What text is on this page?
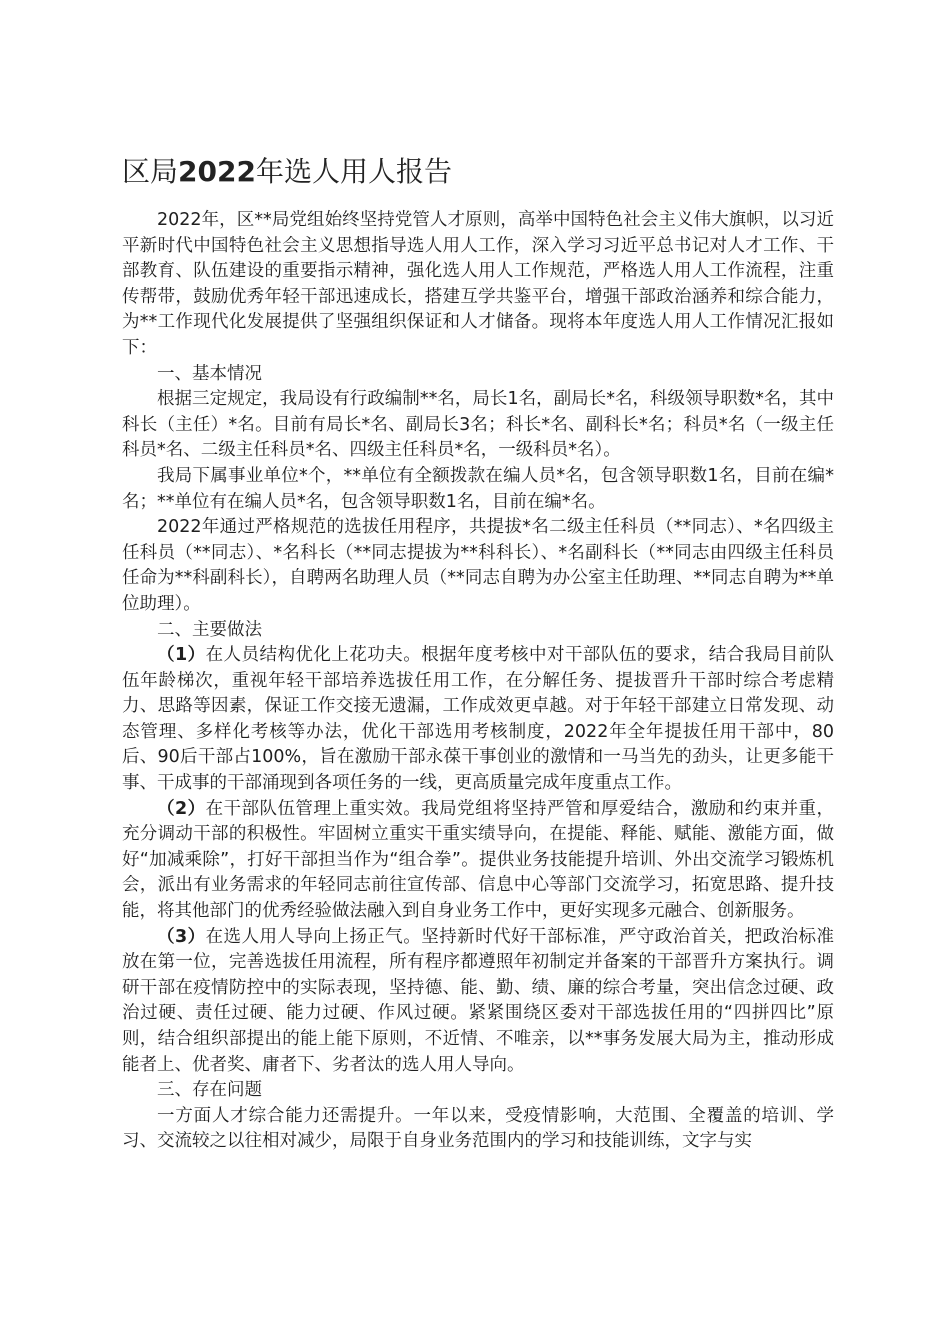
区局2022年选人用人报告

2022年，区**局党组始终坚持党管人才原则，高举中国特色社会主义伟大旗帜，以习近平新时代中国特色社会主义思想指导选人用人工作，深入学习习近平总书记对人才工作、干部教育、队伍建设的重要指示精神，强化选人用人工作规范，严格选人用人工作流程，注重传帮带，鼓励优秀年轻干部迅速成长，搭建互学共鉴平台，增强干部政治涵养和综合能力，为**工作现代化发展提供了坚强组织保证和人才储备。现将本年度选人用人工作情况汇报如下：

一、基本情况

根据三定规定，我局设有行政编制**名，局长1名，副局长*名，科级领导职数*名，其中科长（主任）*名。目前有局长*名、副局长3名；科长*名、副科长*名；科员*名（一级主任科员*名、二级主任科员*名、四级主任科员*名，一级科员*名）。

我局下属事业单位*个，**单位有全额拨款在编人员*名，包含领导职数1名，目前在编*名；**单位有在编人员*名，包含领导职数1名，目前在编*名。

2022年通过严格规范的选拔任用程序，共提拔*名二级主任科员（**同志）、*名四级主任科员（**同志）、*名科长（**同志提拔为**科科长）、*名副科长（**同志由四级主任科员任命为**科副科长），自聘两名助理人员（**同志自聘为办公室主任助理、**同志自聘为**单位助理）。

二、主要做法

（1）在人员结构优化上花功夫。根据年度考核中对干部队伍的要求，结合我局目前队伍年龄梯次，重视年轻干部培养选拔任用工作，在分解任务、提拔晋升干部时综合考虑精力、思路等因素，保证工作交接无遗漏，工作成效更卓越。对于年轻干部建立日常发现、动态管理、多样化考核等办法，优化干部选用考核制度，2022年全年提拔任用干部中，80后、90后干部占100%，旨在激励干部永葆干事创业的激情和一马当先的劲头，让更多能干事、干成事的干部涌现到各项任务的一线，更高质量完成年度重点工作。

（2）在干部队伍管理上重实效。我局党组将坚持严管和厚爱结合，激励和约束并重，充分调动干部的积极性。牢固树立重实干重实绩导向，在提能、释能、赋能、激能方面，做好“加减乘除”，打好干部担当作为“组合拳”。提供业务技能提升培训、外出交流学习锻炼机会，派出有业务需求的年轻同志前往宣传部、信息中心等部门交流学习，拓宽思路、提升技能，将其他部门的优秀经验做法融入到自身业务工作中，更好实现多元融合、创新服务。

（3）在选人用人导向上扬正气。坚持新时代好干部标准，严守政治首关，把政治标准放在第一位，完善选拔任用流程，所有程序都遵照年初制定并备案的干部晋升方案执行。调研干部在疫情防控中的实际表现，坚持德、能、勤、绩、廉的综合考量，突出信念过硬、政治过硬、责任过硬、能力过硬、作风过硬。紧紧围绕区委对干部选拔任用的“四拼四比”原则，结合组织部提出的能上能下原则，不近情、不唯亲，以**事务发展大局为主，推动形成能者上、优者奖、庸者下、劣者汰的选人用人导向。

三、存在问题

一方面人才综合能力还需提升。一年以来，受疫情影响，大范围、全覆盖的培训、学习、交流较之以往相对减少，局限于自身业务范围内的学习和技能训练，文字与实
